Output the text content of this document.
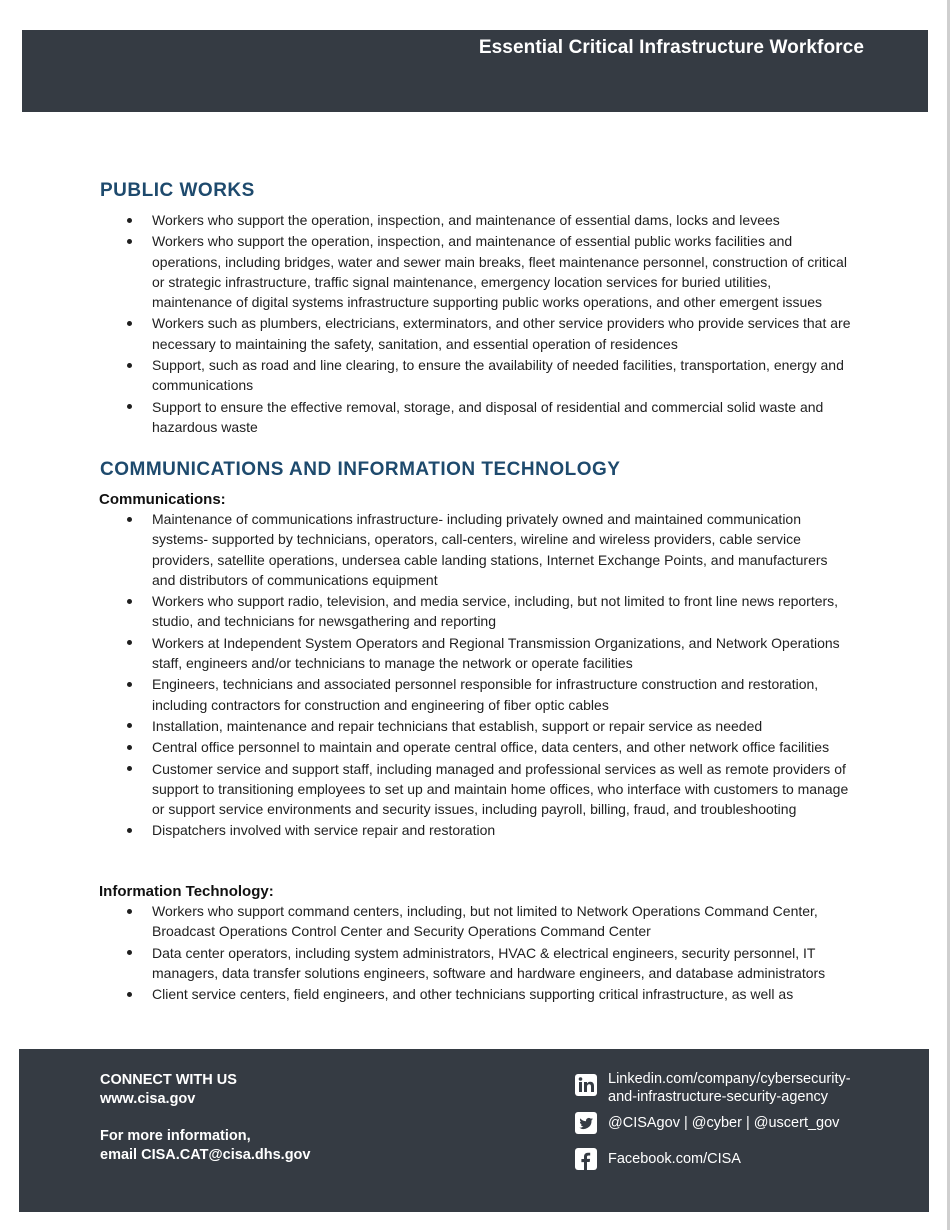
Essential Critical Infrastructure Workforce
PUBLIC WORKS
Workers who support the operation, inspection, and maintenance of essential dams, locks and levees
Workers who support the operation, inspection, and maintenance of essential public works facilities and operations, including bridges, water and sewer main breaks, fleet maintenance personnel, construction of critical or strategic infrastructure, traffic signal maintenance, emergency location services for buried utilities, maintenance of digital systems infrastructure supporting public works operations, and other emergent issues
Workers such as plumbers, electricians, exterminators, and other service providers who provide services that are necessary to maintaining the safety, sanitation, and essential operation of residences
Support, such as road and line clearing, to ensure the availability of needed facilities, transportation, energy and communications
Support to ensure the effective removal, storage, and disposal of residential and commercial solid waste and hazardous waste
COMMUNICATIONS AND INFORMATION TECHNOLOGY
Communications:
Maintenance of communications infrastructure- including privately owned and maintained communication systems- supported by technicians, operators, call-centers, wireline and wireless providers, cable service providers, satellite operations, undersea cable landing stations, Internet Exchange Points, and manufacturers and distributors of communications equipment
Workers who support radio, television, and media service, including, but not limited to front line news reporters, studio, and technicians for newsgathering and reporting
Workers at Independent System Operators and Regional Transmission Organizations, and Network Operations staff, engineers and/or technicians to manage the network or operate facilities
Engineers, technicians and associated personnel responsible for infrastructure construction and restoration, including contractors for construction and engineering of fiber optic cables
Installation, maintenance and repair technicians that establish, support or repair service as needed
Central office personnel to maintain and operate central office, data centers, and other network office facilities
Customer service and support staff, including managed and professional services as well as remote providers of support to transitioning employees to set up and maintain home offices, who interface with customers to manage or support service environments and security issues, including payroll, billing, fraud, and troubleshooting
Dispatchers involved with service repair and restoration
Information Technology:
Workers who support command centers, including, but not limited to Network Operations Command Center, Broadcast Operations Control Center and Security Operations Command Center
Data center operators, including system administrators, HVAC & electrical engineers, security personnel, IT managers, data transfer solutions engineers, software and hardware engineers, and database administrators
Client service centers, field engineers, and other technicians supporting critical infrastructure, as well as
CONNECT WITH US
www.cisa.gov
For more information,
email CISA.CAT@cisa.dhs.gov
Linkedin.com/company/cybersecurity-
and-infrastructure-security-agency
@CISAgov | @cyber | @uscert_gov
Facebook.com/CISA
